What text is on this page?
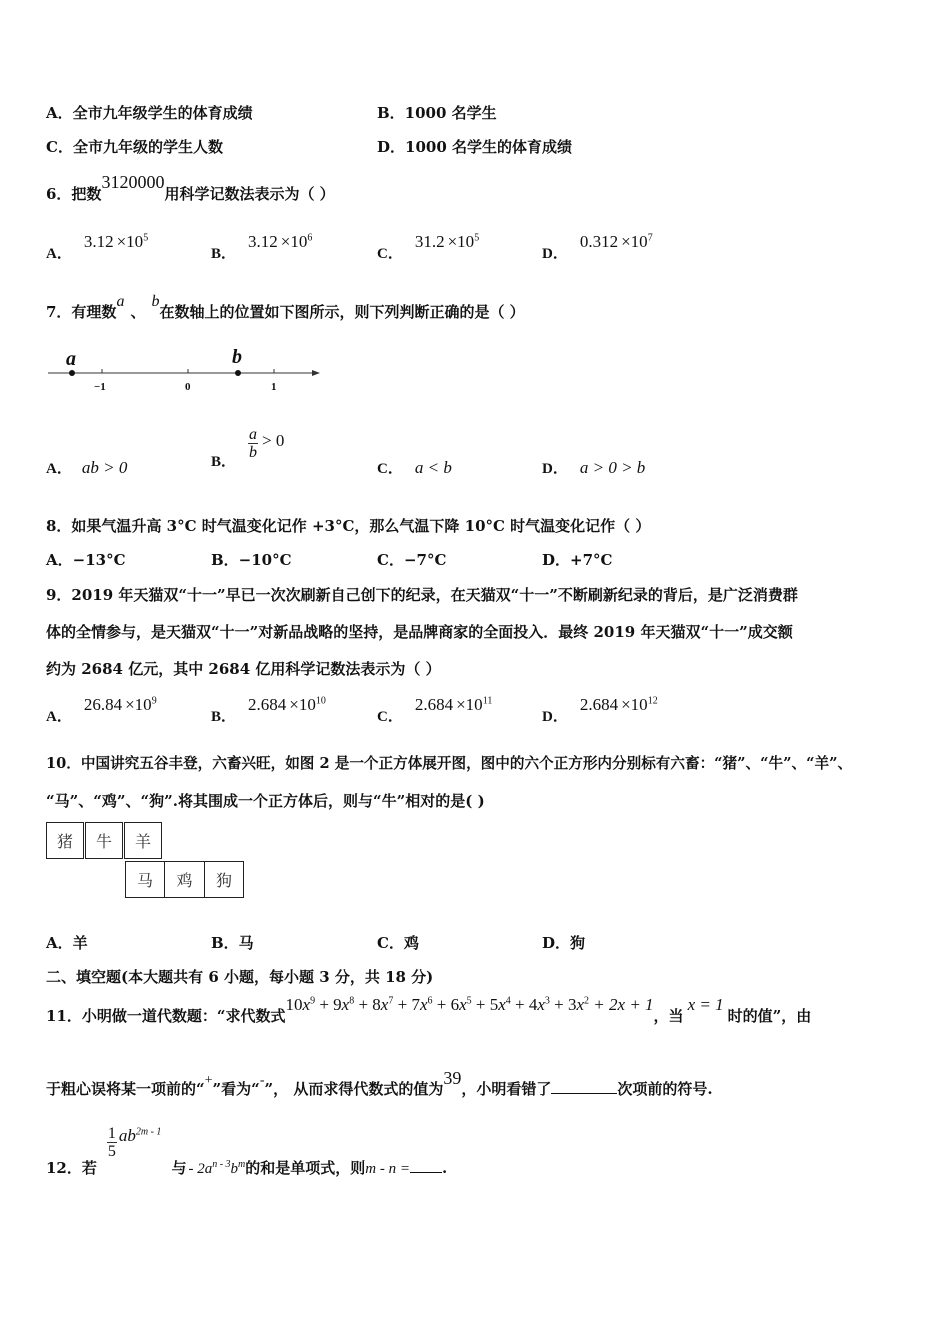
A．全市九年级学生的体育成绩	B．1000 名学生
C．全市九年级的学生人数	D．1000 名学生的体育成绩
6．把数3120000用科学记数法表示为（ ）
A．$3.12 \times 10^5$
B．$3.12 \times 10^6$
C．$31.2 \times 10^5$
D．$0.312 \times 10^7$
7．有理数a、b在数轴上的位置如下图所示，则下列判断正确的是（ ）
a	b
−1	0	1
A． ab > 0	B．
$\frac{a}{b} > 0$
C． a < b	D． a > 0 > b
8．如果气温升高 3°C 时气温变化记作 +3°C，那么气温下降 10°C 时气温变化记作（ ）
A．−13°C	B．−10°C	C．−7°C	D．+7°C
9．2019 年天猫双“十一”早已一次次刷新自己创下的纪录，在天猫双“十一”不断刷新纪录的背后，是广泛消费群
体的全情参与，是天猫双“十一”对新品战略的坚持，是品牌商家的全面投入．最终 2019 年天猫双“十一”成交额
约为 2684 亿元，其中 2684 亿用科学记数法表示为（ ）
A．$26.84 \times 10^9$
B．$2.684 \times 10^{10}$
C．$2.684 \times 10^{11}$
D．$2.684 \times 10^{12}$
10．中国讲究五谷丰登，六畜兴旺，如图 2 是一个正方体展开图，图中的六个正方形内分别标有六畜：“猪”、“牛”、“羊”、
“马”、“鸡”、“狗”.将其围成一个正方体后，则与“牛”相对的是( )
猪	牛	羊
马	鸡	狗
A．羊	B．马	C．鸡	D．狗
二、填空题(本大题共有 6 小题，每小题 3 分，共 18 分)
11．小明做一道代数题：“求代数式$10x^9 + 9x^8 + 8x^7 + 7x^6 + 6x^5 + 5x^4 + 4x^3 + 3x^2 + 2x + 1$，当x = 1时的值”，由
于粗心误将某一项前的“+”看为“-”， 从而求得代数式的值为39，小明看错了	次项前的符号.
12．若
$\frac{1}{5} ab^{2m - 1}$与 - $2a^{n - 3}b^m$的和是单项式，则m - n = .
